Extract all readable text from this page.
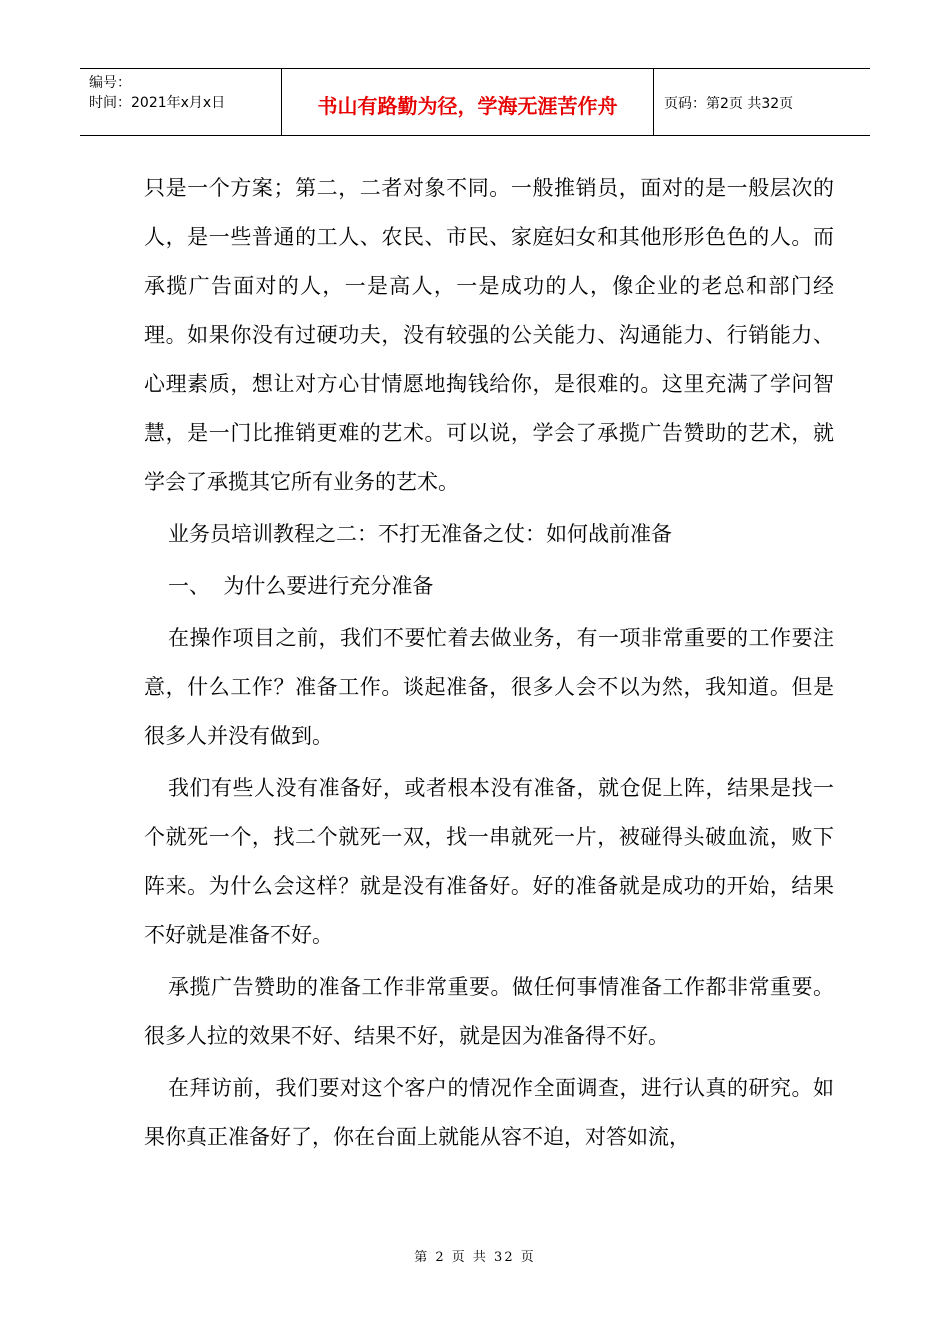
编号：
时间：2021年x月x日	书山有路勤为径，学海无涯苦作舟	页码：第2页 共32页

只是一个方案；第二，二者对象不同。一般推销员，面对的是一般层次的人，是一些普通的工人、农民、市民、家庭妇女和其他形形色色的人。而承揽广告面对的人，一是高人，一是成功的人，像企业的老总和部门经理。如果你没有过硬功夫，没有较强的公关能力、沟通能力、行销能力、心理素质，想让对方心甘情愿地掏钱给你，是很难的。这里充满了学问智慧，是一门比推销更难的艺术。可以说，学会了承揽广告赞助的艺术，就学会了承揽其它所有业务的艺术。

业务员培训教程之二：不打无准备之仗：如何战前准备

一、  为什么要进行充分准备

在操作项目之前，我们不要忙着去做业务，有一项非常重要的工作要注意，什么工作？准备工作。谈起准备，很多人会不以为然，我知道。但是很多人并没有做到。

我们有些人没有准备好，或者根本没有准备，就仓促上阵，结果是找一个就死一个，找二个就死一双，找一串就死一片，被碰得头破血流，败下阵来。为什么会这样？就是没有准备好。好的准备就是成功的开始，结果不好就是准备不好。

承揽广告赞助的准备工作非常重要。做任何事情准备工作都非常重要。很多人拉的效果不好、结果不好，就是因为准备得不好。

在拜访前，我们要对这个客户的情况作全面调查，进行认真的研究。如果你真正准备好了，你在台面上就能从容不迫，对答如流，

第 2 页 共 32 页
